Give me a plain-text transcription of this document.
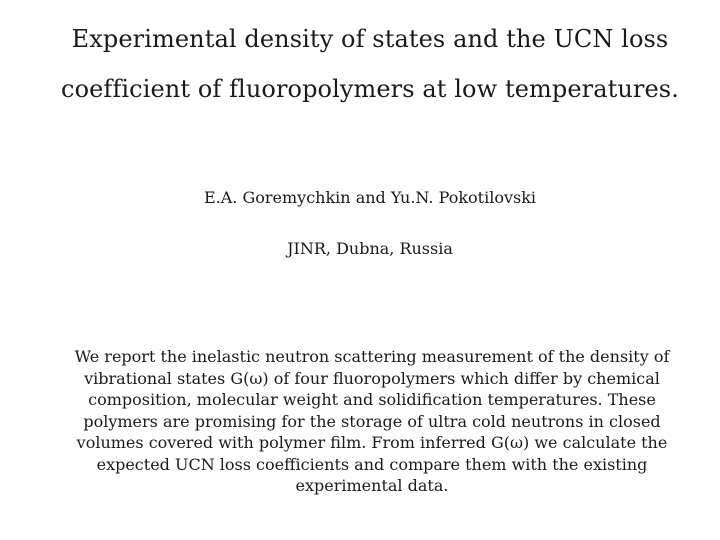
Experimental density of states and the UCN loss
coefficient of fluoropolymers at low temperatures.
E.A. Goremychkin and Yu.N. Pokotilovski
JINR, Dubna, Russia
We report the inelastic neutron scattering measurement of the density of
vibrational states G(ω) of four fluoropolymers which differ by chemical
composition, molecular weight and solidification temperatures. These
polymers are promising for the storage of ultra cold neutrons in closed
volumes covered with polymer film. From inferred G(ω) we calculate the
expected UCN loss coefficients and compare them with the existing
experimental data.
